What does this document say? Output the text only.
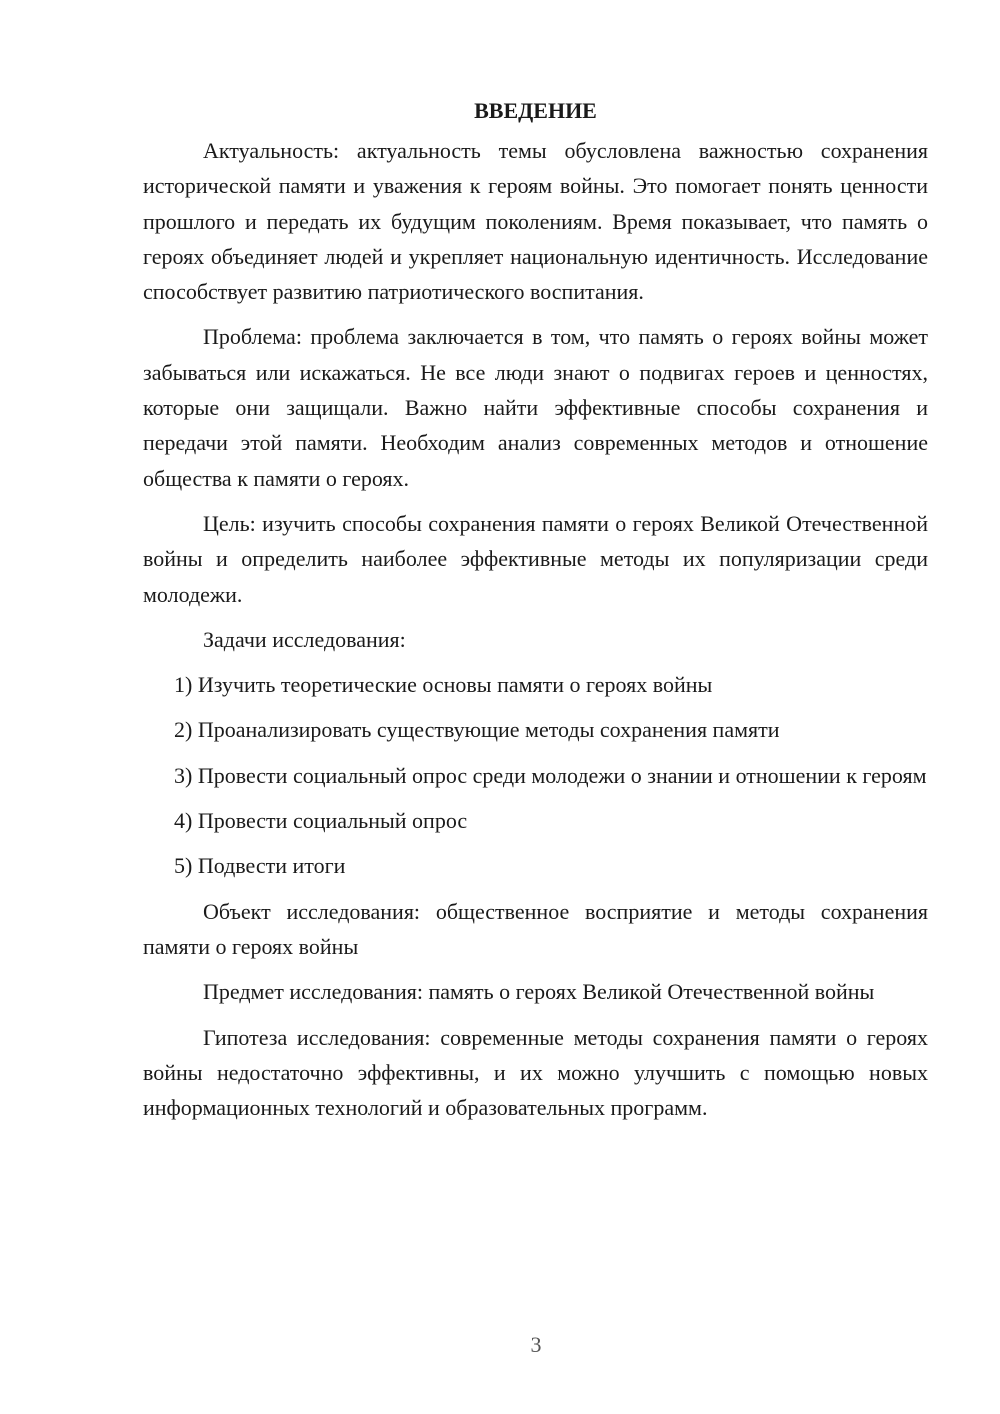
ВВЕДЕНИЕ

Актуальность: актуальность темы обусловлена важностью сохранения исторической памяти и уважения к героям войны. Это помогает понять ценности прошлого и передать их будущим поколениям. Время показывает, что память о героях объединяет людей и укрепляет национальную идентичность. Исследование способствует развитию патриотического воспитания.

Проблема: проблема заключается в том, что память о героях войны может забываться или искажаться. Не все люди знают о подвигах героев и ценностях, которые они защищали. Важно найти эффективные способы сохранения и передачи этой памяти. Необходим анализ современных методов и отношение общества к памяти о героях.

Цель: изучить способы сохранения памяти о героях Великой Отечественной войны и определить наиболее эффективные методы их популяризации среди молодежи.

Задачи исследования:

1) Изучить теоретические основы памяти о героях войны

2) Проанализировать существующие методы сохранения памяти

3) Провести социальный опрос среди молодежи о знании и отношении к героям

4) Провести социальный опрос

5) Подвести итоги

Объект исследования: общественное восприятие и методы сохранения памяти о героях войны

Предмет исследования: память о героях Великой Отечественной войны

Гипотеза исследования: современные методы сохранения памяти о героях войны недостаточно эффективны, и их можно улучшить с помощью новых информационных технологий и образовательных программ.

3
